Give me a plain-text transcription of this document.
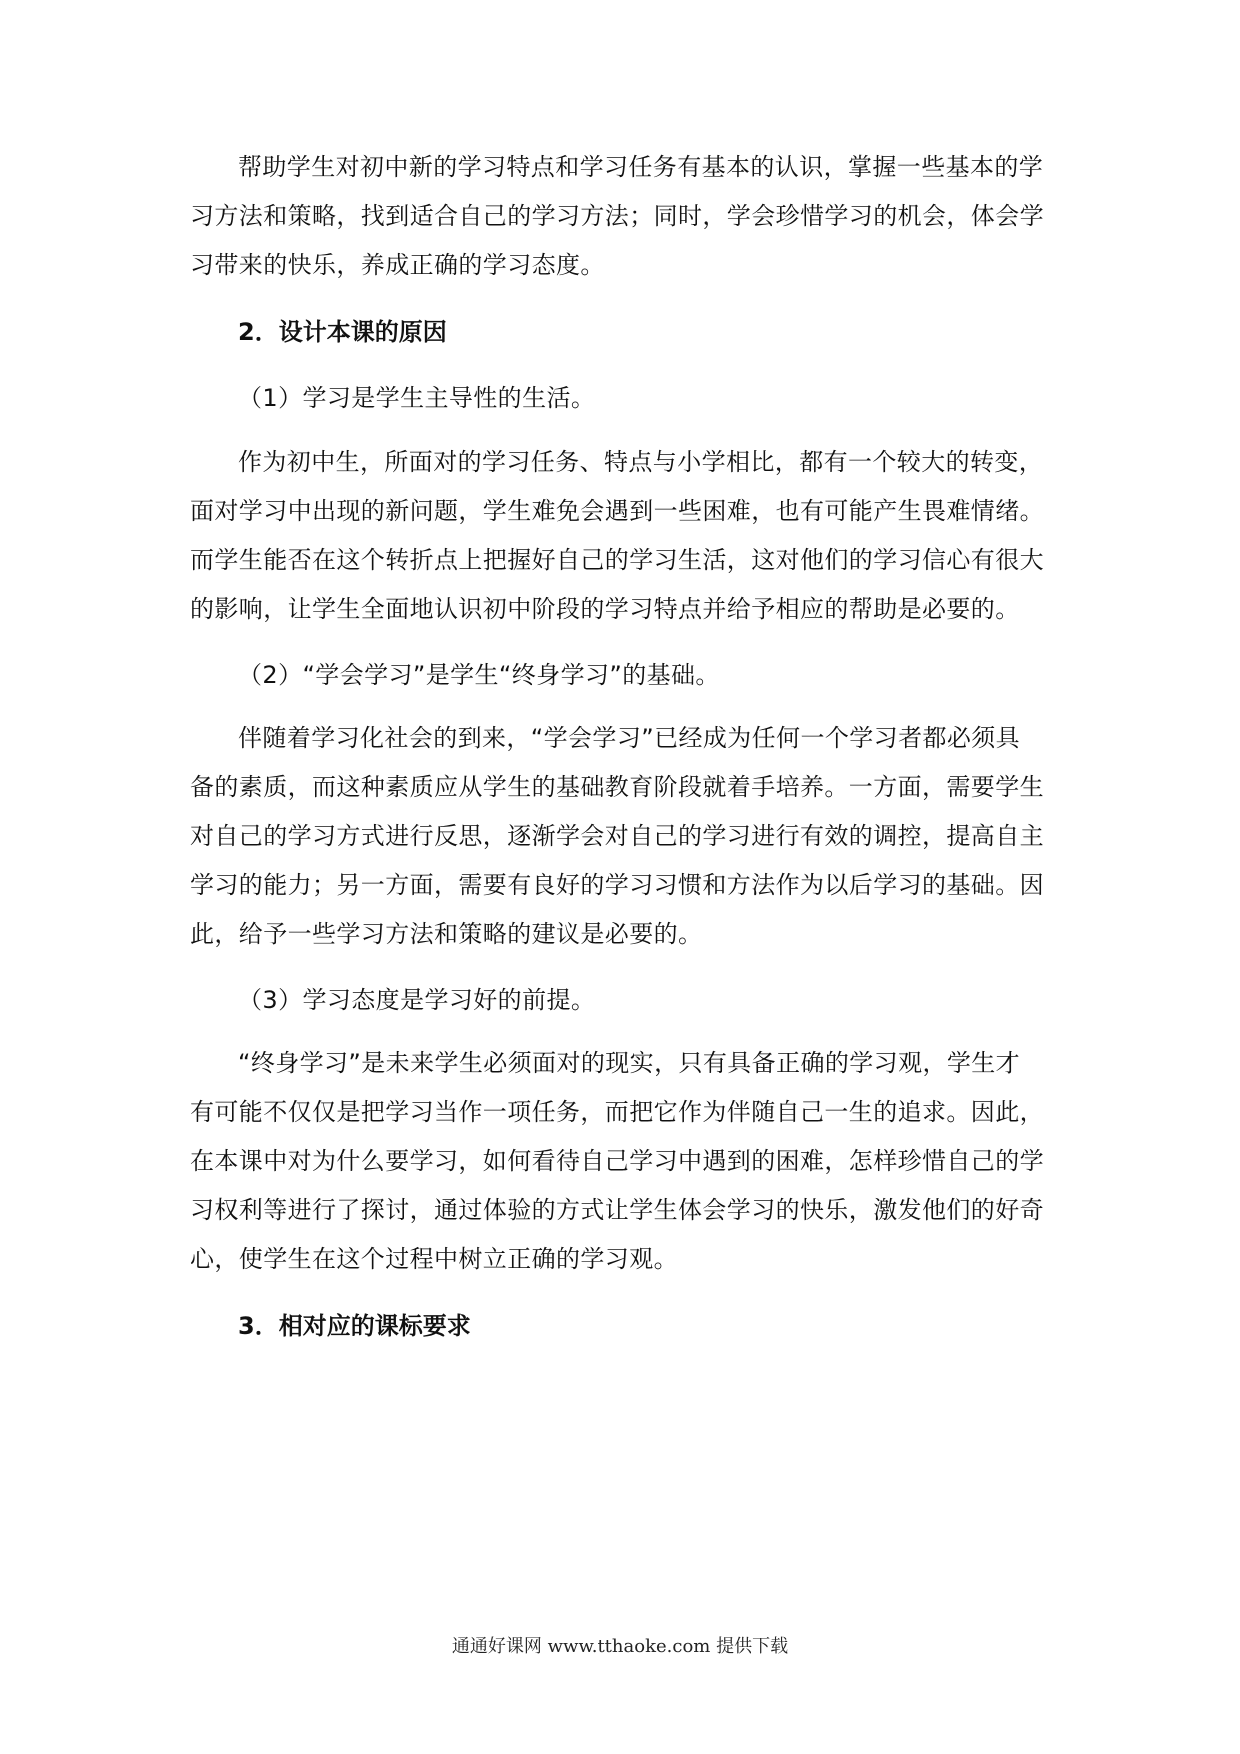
帮助学生对初中新的学习特点和学习任务有基本的认识，掌握一些基本的学
习方法和策略，找到适合自己的学习方法；同时，学会珍惜学习的机会，体会学
习带来的快乐，养成正确的学习态度。
2．设计本课的原因
（1）学习是学生主导性的生活。
作为初中生，所面对的学习任务、特点与小学相比，都有一个较大的转变，
面对学习中出现的新问题，学生难免会遇到一些困难，也有可能产生畏难情绪。
而学生能否在这个转折点上把握好自己的学习生活，这对他们的学习信心有很大
的影响，让学生全面地认识初中阶段的学习特点并给予相应的帮助是必要的。
（2）“学会学习”是学生“终身学习”的基础。
伴随着学习化社会的到来，“学会学习”已经成为任何一个学习者都必须具
备的素质，而这种素质应从学生的基础教育阶段就着手培养。一方面，需要学生
对自己的学习方式进行反思，逐渐学会对自己的学习进行有效的调控，提高自主
学习的能力；另一方面，需要有良好的学习习惯和方法作为以后学习的基础。因
此，给予一些学习方法和策略的建议是必要的。
（3）学习态度是学习好的前提。
“终身学习”是未来学生必须面对的现实，只有具备正确的学习观，学生才
有可能不仅仅是把学习当作一项任务，而把它作为伴随自己一生的追求。因此，
在本课中对为什么要学习，如何看待自己学习中遇到的困难，怎样珍惜自己的学
习权利等进行了探讨，通过体验的方式让学生体会学习的快乐，激发他们的好奇
心，使学生在这个过程中树立正确的学习观。
3．相对应的课标要求
通通好课网 www.tthaoke.com 提供下载
